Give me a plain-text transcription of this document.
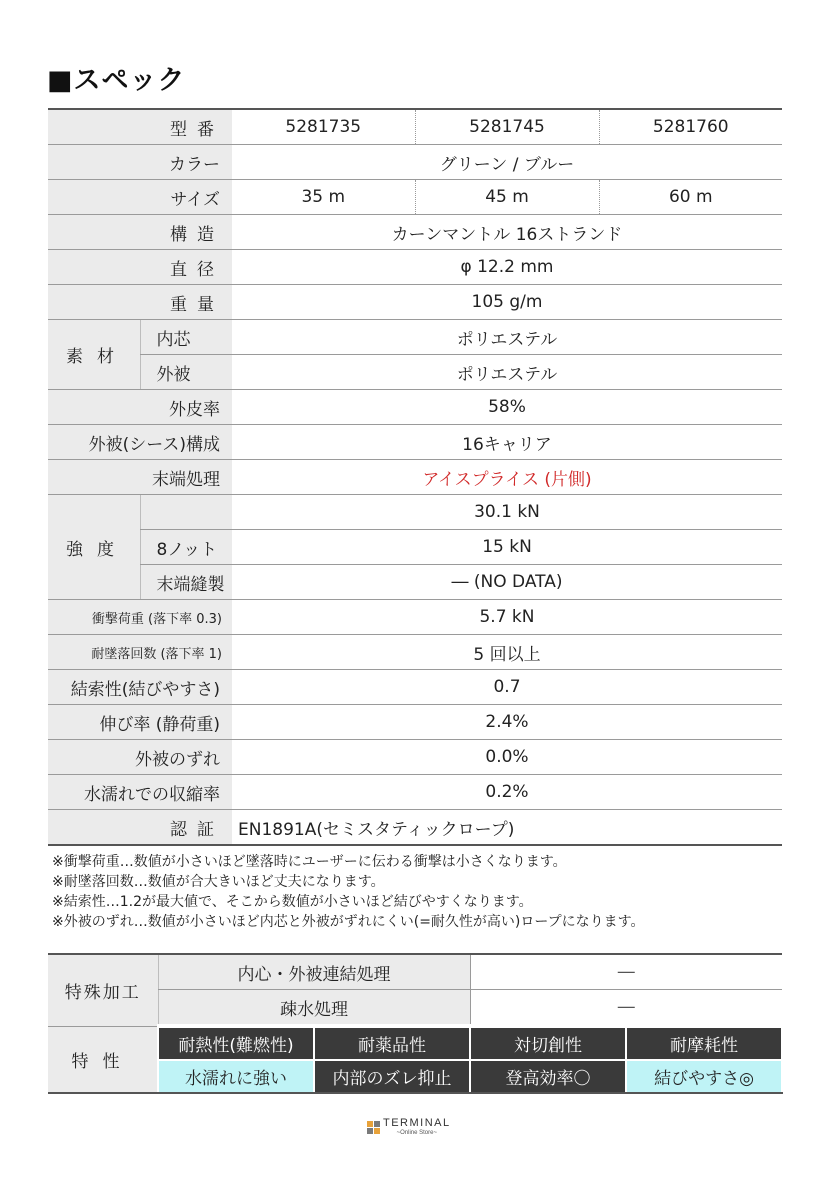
■スペック
型番		5281735	5281745	5281760
カラー		グリーン / ブルー		
サイズ		35 m	45 m	60 m
構造		カーンマントル 16ストランド		
直径		φ 12.2 mm		
重量		105 g/m		
素材	内芯	ポリエステル		
	外被	ポリエステル		
外皮率		58%		
外被(シース)構成		16キャリア		
末端処理		アイスプライス (片側)		
強度		30.1 kN		
	8ノット	15 kN		
	末端縫製	― (NO DATA)		
衝撃荷重 (落下率 0.3)		5.7 kN		
耐墜落回数 (落下率 1)		5 回以上		
結索性(結びやすさ)		0.7		
伸び率 (静荷重)		2.4%		
外被のずれ		0.0%		
水濡れでの収縮率		0.2%		
認証		EN1891A(セミスタティックロープ)		
※衝撃荷重…数値が小さいほど墜落時にユーザーに伝わる衝撃は小さくなります。
※耐墜落回数…数値が合大きいほど丈夫になります。
※結索性…1.2が最大値で、そこから数値が小さいほど結びやすくなります。
※外被のずれ…数値が小さいほど内芯と外被がずれにくい(=耐久性が高い)ロープになります。
特殊加工	内心・外被連結処理		―	
	疎水処理		―	
特性	耐熱性(難燃性)	耐薬品性	対切創性	耐摩耗性
	水濡れに強い	内部のズレ抑止	登高効率〇	結びやすさ◎
TERMINAL
~Online Store~
